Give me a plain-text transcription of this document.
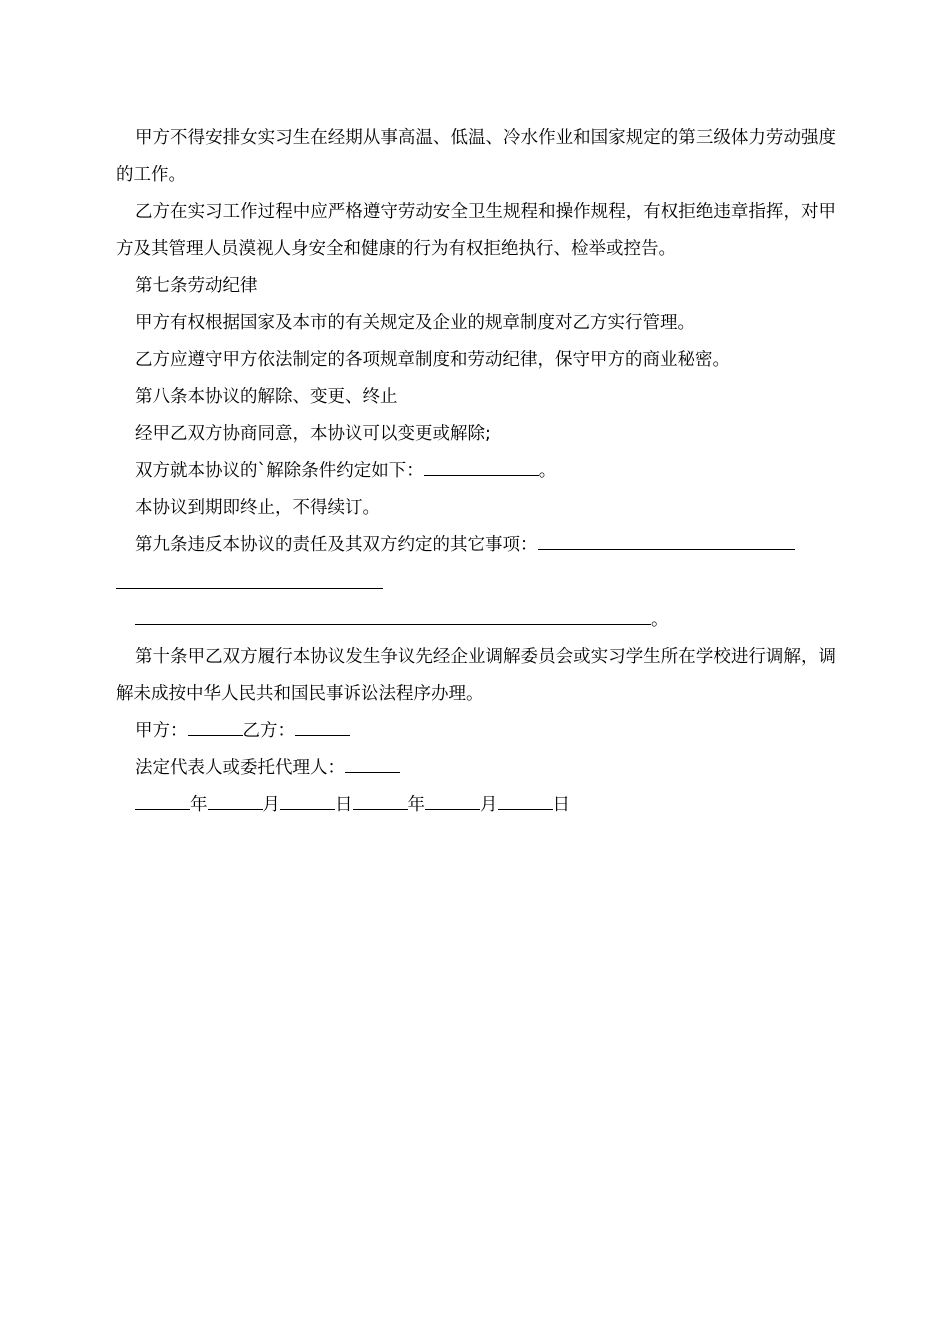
甲方不得安排女实习生在经期从事高温、低温、冷水作业和国家规定的第三级体力劳动强度的工作。

乙方在实习工作过程中应严格遵守劳动安全卫生规程和操作规程，有权拒绝违章指挥，对甲方及其管理人员漠视人身安全和健康的行为有权拒绝执行、检举或控告。

第七条劳动纪律

甲方有权根据国家及本市的有关规定及企业的规章制度对乙方实行管理。

乙方应遵守甲方依法制定的各项规章制度和劳动纪律，保守甲方的商业秘密。

第八条本协议的解除、变更、终止

经甲乙双方协商同意，本协议可以变更或解除;

双方就本协议的`解除条件约定如下：	。

本协议到期即终止，不得续订。

第九条违反本协议的责任及其双方约定的其它事项：

。

第十条甲乙双方履行本协议发生争议先经企业调解委员会或实习学生所在学校进行调解，调解未成按中华人民共和国民事诉讼法程序办理。

甲方：	乙方：

法定代表人或委托代理人：

年	月	日	年	月	日
